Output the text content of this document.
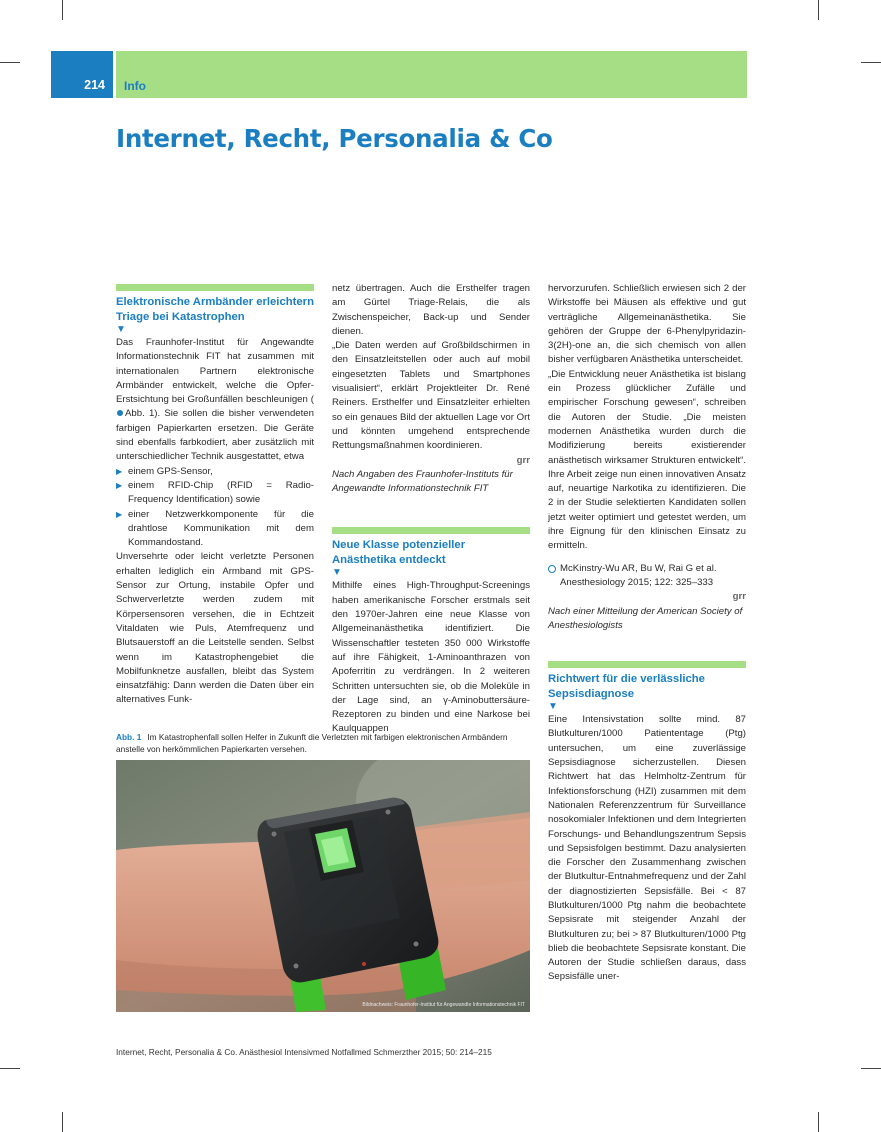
214 Info
Internet, Recht, Personalia & Co
Elektronische Armbänder erleichtern Triage bei Katastrophen
▼

Das Fraunhofer-Institut für Angewandte Informationstechnik FIT hat zusammen mit internationalen Partnern elektronische Armbänder entwickelt, welche die Opfer-Erstsichtung bei Großunfällen beschleunigen (Abb. 1). Sie sollen die bisher verwendeten farbigen Papierkarten ersetzen. Die Geräte sind ebenfalls farbkodiert, aber zusätzlich mit unterschiedlicher Technik ausgestattet, etwa

▶ einem GPS-Sensor,
▶ einem RFID-Chip (RFID = Radio-Frequency Identification) sowie
▶ einer Netzwerkkomponente für die drahtlose Kommunikation mit dem Kommandostand.

Unversehrte oder leicht verletzte Personen erhalten lediglich ein Armband mit GPS-Sensor zur Ortung, instabile Opfer und Schwerverletzte werden zudem mit Körpersensoren versehen, die in Echtzeit Vitaldaten wie Puls, Atemfrequenz und Blutsauerstoff an die Leitstelle senden. Selbst wenn im Katastrophengebiet die Mobilfunknetze ausfallen, bleibt das System einsatzfähig: Dann werden die Daten über ein alternatives Funk-

netz übertragen. Auch die Ersthelfer tragen am Gürtel Triage-Relais, die als Zwischenspeicher, Back-up und Sender dienen.

„Die Daten werden auf Großbildschirmen in den Einsatzleitstellen oder auch auf mobil eingesetzten Tablets und Smartphones visualisiert“, erklärt Projektleiter Dr. René Reiners. Ersthelfer und Einsatzleiter erhielten so ein genaues Bild der aktuellen Lage vor Ort und könnten umgehend entsprechende Rettungsmaßnahmen koordinieren.

grr
Nach Angaben des Fraunhofer-Instituts für Angewandte Informationstechnik FIT
Neue Klasse potenzieller Anästhetika entdeckt
▼

Mithilfe eines High-Throughput-Screenings haben amerikanische Forscher erstmals seit den 1970er-Jahren eine neue Klasse von Allgemeinanästhetika identifiziert. Die Wissenschaftler testeten 350 000 Wirkstoffe auf ihre Fähigkeit, 1-Aminoanthrazen von Apoferritin zu verdrängen. In 2 weiteren Schritten untersuchten sie, ob die Moleküle in der Lage sind, an γ-Aminobuttersäure-Rezeptoren zu binden und eine Narkose bei Kaulquappen

hervorzurufen. Schließlich erwiesen sich 2 der Wirkstoffe bei Mäusen als effektive und gut verträgliche Allgemeinanästhetika. Sie gehören der Gruppe der 6-Phenylpyridazin-3(2H)-one an, die sich chemisch von allen bisher verfügbaren Anästhetika unterscheidet.

„Die Entwicklung neuer Anästhetika ist bislang ein Prozess glücklicher Zufälle und empirischer Forschung gewesen“, schreiben die Autoren der Studie. „Die meisten modernen Anästhetika wurden durch die Modifizierung bereits existierender anästhetisch wirksamer Strukturen entwickelt“. Ihre Arbeit zeige nun einen innovativen Ansatz auf, neuartige Narkotika zu identifizieren. Die 2 in der Studie selektierten Kandidaten sollen jetzt weiter optimiert und getestet werden, um ihre Eignung für den klinischen Einsatz zu ermitteln.

McKinstry-Wu AR, Bu W, Rai G et al. Anesthesiology 2015; 122: 325–333
grr
Nach einer Mitteilung der American Society of Anesthesiologists
Richtwert für die verlässliche Sepsisdiagnose
▼

Eine Intensivstation sollte mind. 87 Blutkulturen/1000 Patiententage (Ptg) untersuchen, um eine zuverlässige Sepsisdiagnose sicherzustellen. Diesen Richtwert hat das Helmholtz-Zentrum für Infektionsforschung (HZI) zusammen mit dem Nationalen Referenzzentrum für Surveillance nosokomialer Infektionen und dem Integrierten Forschungs- und Behandlungszentrum Sepsis und Sepsisfolgen bestimmt. Dazu analysierten die Forscher den Zusammenhang zwischen der Blutkultur-Entnahmefrequenz und der Zahl der diagnostizierten Sepsisfälle. Bei < 87 Blutkulturen/1000 Ptg nahm die beobachtete Sepsisrate mit steigender Anzahl der Blutkulturen zu; bei > 87 Blutkulturen/1000 Ptg blieb die beobachtete Sepsisrate konstant. Die Autoren der Studie schließen daraus, dass Sepsisfälle uner-

Abb. 1 Im Katastrophenfall sollen Helfer in Zukunft die Verletzten mit farbigen elektronischen Armbändern anstelle von herkömmlichen Papierkarten versehen.
Bildnachweis: Fraunhofer-Institut für Angewandte Informationstechnik FIT
Internet, Recht, Personalia & Co. Anästhesiol Intensivmed Notfallmed Schmerzther 2015; 50: 214–215
